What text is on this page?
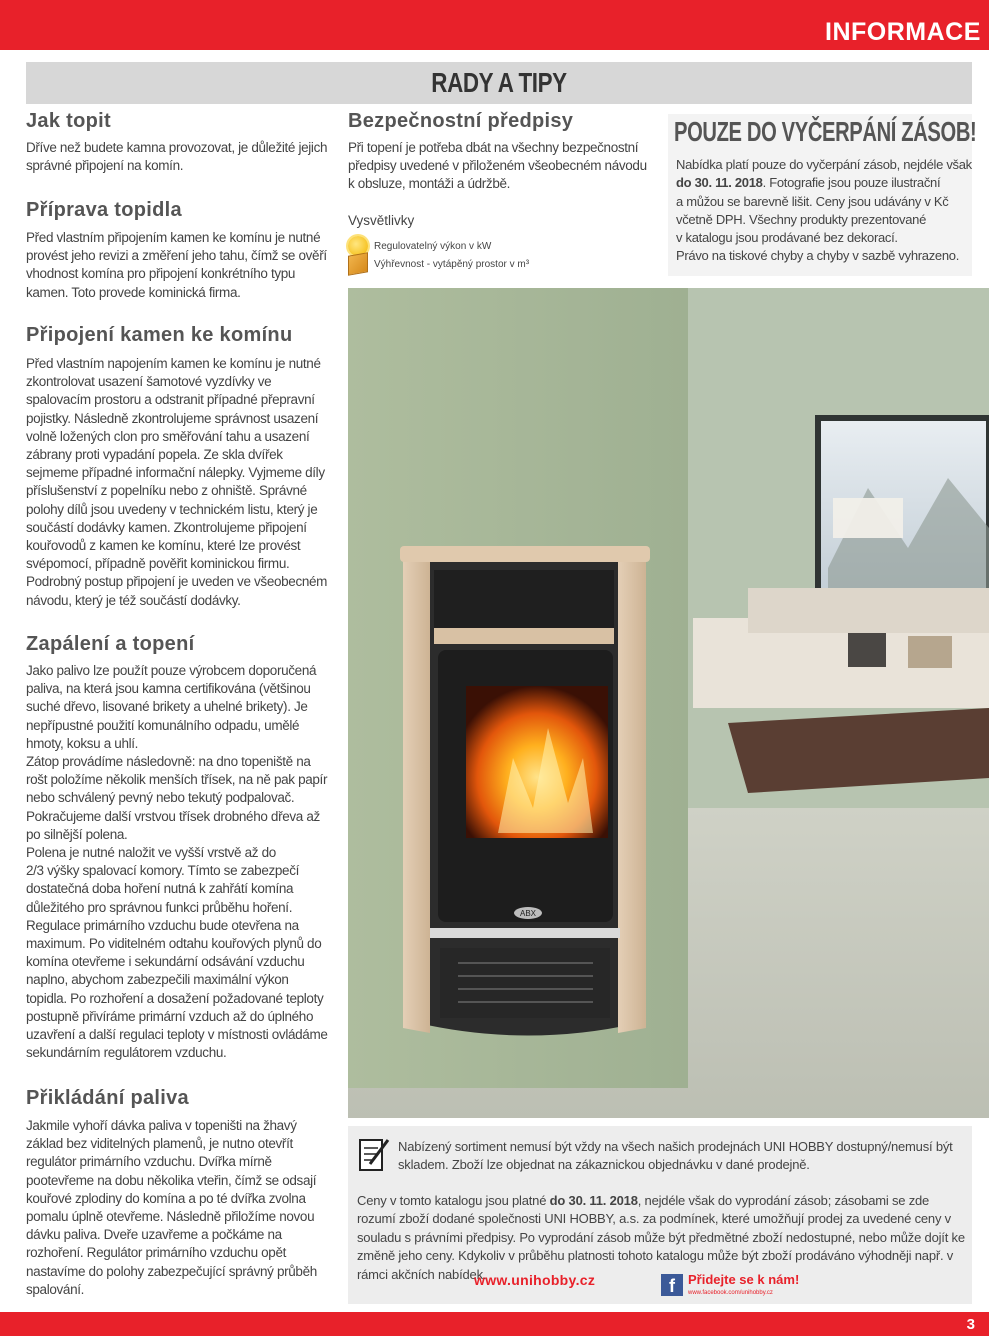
INFORMACE
RADY A TIPY
Jak topit

Dříve než budete kamna provozovat, je důležité jejich
správné připojení na komín.

Příprava topidla

Před vlastním připojením kamen ke komínu je nutné
provést jeho revizi a změření jeho tahu, čímž se ověří
vhodnost komína pro připojení konkrétního typu
kamen. Toto provede kominická firma.

Připojení kamen ke komínu

Před vlastním napojením kamen ke komínu je nutné
zkontrolovat usazení šamotové vyzdívky ve
spalovacím prostoru a odstranit případné přepravní
pojistky. Následně zkontrolujeme správnost usazení
volně ložených clon pro směřování tahu a usazení
zábrany proti vypadání popela. Ze skla dvířek
sejmeme případné informační nálepky. Vyjmeme díly
příslušenství z popelníku nebo z ohniště. Správné
polohy dílů jsou uvedeny v technickém listu, který je
součástí dodávky kamen. Zkontrolujeme připojení
kouřovodů z kamen ke komínu, které lze provést
svépomocí, případně pověřit kominickou firmu.
Podrobný postup připojení je uveden ve všeobecném
návodu, který je též součástí dodávky.

Zapálení a topení

Jako palivo lze použít pouze výrobcem doporučená
paliva, na která jsou kamna certifikována (většinou
suché dřevo, lisované brikety a uhelné brikety). Je
nepřípustné použití komunálního odpadu, umělé
hmoty, koksu a uhlí.
Zátop provádíme následovně: na dno topeniště na
rošt položíme několik menších třísek, na ně pak papír
nebo schválený pevný nebo tekutý podpalovač.
Pokračujeme další vrstvou třísek drobného dřeva až
po silnější polena.
Polena je nutné naložit ve vyšší vrstvě až do
2/3 výšky spalovací komory. Tímto se zabezpečí
dostatečná doba hoření nutná k zahřátí komína
důležitého pro správnou funkci průběhu hoření.
Regulace primárního vzduchu bude otevřena na
maximum. Po viditelném odtahu kouřových plynů do
komína otevřeme i sekundární odsávání vzduchu
naplno, abychom zabezpečili maximální výkon
topidla. Po rozhoření a dosažení požadované teploty
postupně přivíráme primární vzduch až do úplného
uzavření a další regulaci teploty v místnosti ovládáme
sekundárním regulátorem vzduchu.

Přikládání paliva

Jakmile vyhoří dávka paliva v topeništi na žhavý
základ bez viditelných plamenů, je nutno otevřít
regulátor primárního vzduchu. Dvířka mírně
pootevřeme na dobu několika vteřin, čímž se odsají
kouřové zplodiny do komína a po té dvířka zvolna
pomalu úplně otevřeme. Následně přiložíme novou
dávku paliva. Dveře uzavřeme a počkáme na
rozhoření. Regulátor primárního vzduchu opět
nastavíme do polohy zabezpečující správný průběh
spalování.

Bezpečnostní předpisy

Při topení je potřeba dbát na všechny bezpečnostní
předpisy uvedené v přiloženém všeobecném návodu
k obsluze, montáži a údržbě.

Vysvětlivky
Regulovatelný výkon v kW
Výhřevnost - vytápěný prostor v m³
POUZE DO VYČERPÁNÍ ZÁSOB!
Nabídka platí pouze do vyčerpání zásob, nejdéle však
do 30. 11. 2018. Fotografie jsou pouze ilustrační
a můžou se barevně lišit. Ceny jsou udávány v Kč
včetně DPH. Všechny produkty prezentované
v katalogu jsou prodávané bez dekorací.
Právo na tiskové chyby a chyby v sazbě vyhrazeno.
ABX
Nabízený sortiment nemusí být vždy na všech našich prodejnách UNI HOBBY dostupný/nemusí být
skladem. Zboží lze objednat na zákaznickou objednávku v dané prodejně.
Ceny v tomto katalogu jsou platné do 30. 11. 2018, nejdéle však do vyprodání zásob; zásobami se zde rozumí zboží dodané společnosti UNI HOBBY, a.s. za podmínek, které umožňují prodej za uvedené ceny v souladu s právními předpisy. Po vyprodání zásob může být předmětné zboží nedostupné, nebo může dojít ke změně jeho ceny. Kdykoliv v průběhu platnosti tohoto katalogu může být zboží prodáváno výhodněji např. v rámci akčních nabídek.
www.unihobby.cz	f	Přidejte se k nám!
www.facebook.com/unihobby.cz
3
